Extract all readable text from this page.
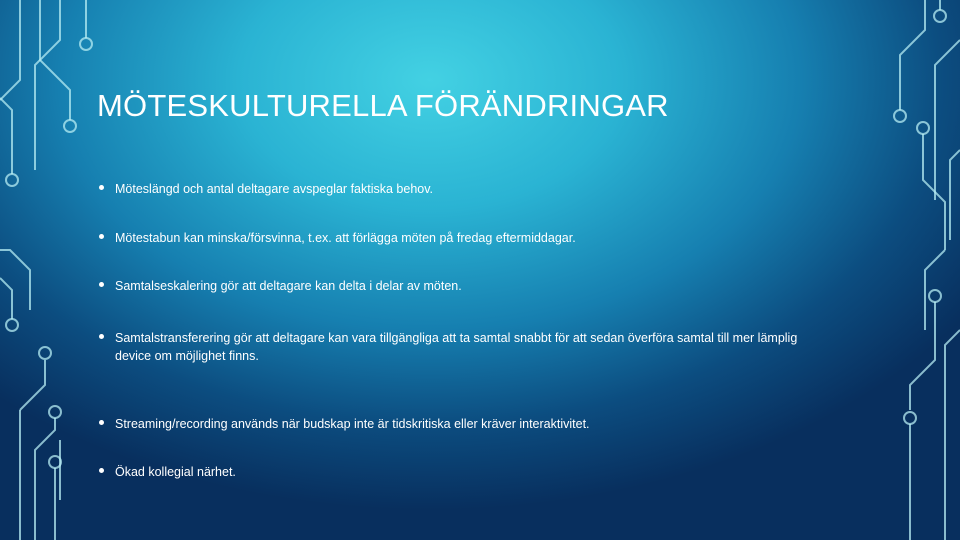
MÖTESKULTURELLA FÖRÄNDRINGAR
Möteslängd och antal deltagare avspeglar faktiska behov.
Mötestabun kan minska/försvinna, t.ex. att förlägga möten på fredag eftermiddagar.
Samtalseskalering gör att deltagare kan delta i delar av möten.
Samtalstransferering gör att deltagare kan vara tillgängliga att ta samtal snabbt för att sedan överföra samtal till mer lämplig device om möjlighet finns.
Streaming/recording används när budskap inte är tidskritiska eller kräver interaktivitet.
Ökad kollegial närhet.
